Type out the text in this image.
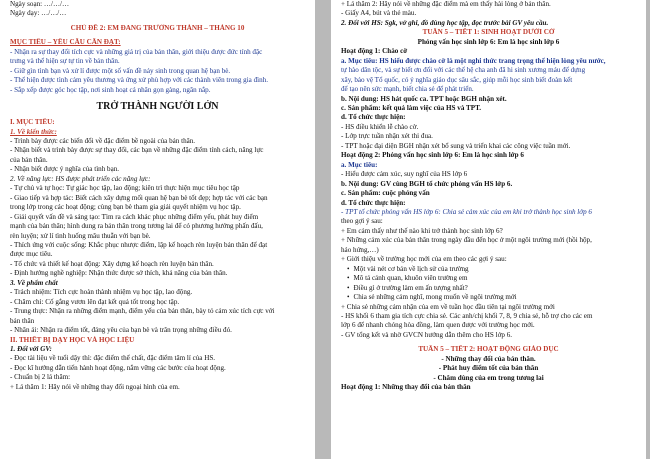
Ngày soạn: …/…/…
Ngày dạy: …/…/…
CHỦ ĐỀ 2: EM ĐANG TRƯỞNG THÀNH – THÁNG 10
MỤC TIÊU – YÊU CẦU CẦN ĐẠT:
- Nhận ra sự thay đổi tích cực và những giá trị của bản thân, giới thiệu được đức tính đặc
trưng và thể hiện sự tự tin về bản thân.
- Giữ gìn tình bạn và xử lí được một số vấn đề nảy sinh trong quan hệ bạn bè.
- Thể hiện được tình cảm yêu thương và ứng xử phù hợp với các thành viên trong gia đình.
- Sắp xếp được góc học tập, nơi sinh hoạt cá nhân gọn gàng, ngăn nắp.
TRỞ THÀNH NGƯỜI LỚN
I. MỤC TIÊU:
1. Về kiến thức:
- Trình bày được các biến đổi về đặc điểm bề ngoài của bản thân.
- Nhận biết và trình bày được sự thay đổi, các bạn về những đặc điểm tính cách, năng lực
của bản thân.
- Nhận biết được ý nghĩa của tình bạn.
2. Về năng lực: HS được phát triển các năng lực:
- Tự chủ và tự học: Tự giác học tập, lao động; kiên trì thực hiện mục tiêu học tập
- Giao tiếp và hợp tác: Biết cách xây dựng mối quan hệ bạn bè tốt đẹp; hợp tác với các bạn
trong lớp trong các hoạt động; cùng bạn bè tham gia giải quyết nhiệm vụ học tập.
- Giải quyết vấn đề và sáng tạo: Tìm ra cách khác phục những điểm yếu, phát huy điểm
mạnh của bản thân; hình dung ra bản thân trong tương lai để có phương hướng phấn đấu,
rèn luyện; xử lí tình huống mâu thuẫn với bạn bè.
- Thích ứng với cuộc sống: Khắc phục nhược điểm, lập kế hoạch rèn luyện bản thân để đạt
được mục tiêu.
- Tổ chức và thiết kế hoạt động: Xây dựng kế hoạch rèn luyện bản thân.
- Định hướng nghề nghiệp: Nhận thức được sở thích, khả năng của bản thân.
3. Về phẩm chất
- Trách nhiệm: Tích cực hoàn thành nhiệm vụ học tập, lao động.
- Chăm chỉ: Cố gắng vươn lên đạt kết quả tốt trong học tập.
- Trung thực: Nhận ra những điểm mạnh, điểm yếu của bản thân, bày tỏ cảm xúc tích cực với
bản thân
- Nhân ái: Nhận ra điểm tốt, đáng yêu của bạn bè và trân trọng những điều đó.
II. THIẾT BỊ DẠY HỌC VÀ HỌC LIỆU
1. Đối với GV:
- Đọc tài liệu về tuổi dậy thì: đặc điểm thể chất, đặc điểm tâm lí của HS.
- Đọc kĩ hướng dẫn tiến hành hoạt động, nắm vững các bước của hoạt động.
- Chuẩn bị 2 lá thăm:
+ Lá thăm 1: Hãy nói về những thay đổi ngoại hình của em.
+ Lá thăm 2: Hãy nói về những đặc điểm mà em thấy hài lòng ở bản thân.
- Giấy A4, bút và thẻ màu.
2. Đối với HS: Sgk, vở ghi, đồ dùng học tập, đọc trước bài GV yêu cầu.
TUẦN 5 – TIẾT 1: SINH HOẠT DƯỚI CỜ
Phỏng vấn học sinh lớp 6: Em là học sinh lớp 6
Hoạt động 1: Chào cờ
a. Mục tiêu: HS hiểu được chào cờ là một nghi thức trang trọng thể hiện lòng yêu nước,
tự hào dân tộc, và sự biết ơn đối với các thế hệ cha anh đã hi sinh xương máu để dựng
xây, bảo vệ Tổ quốc, có ý nghĩa giáo dục sâu sắc, giúp mỗi học sinh biết đoàn kết
để tạo nên sức mạnh, biết chia sẻ để phát triển.
b. Nội dung: HS hát quốc ca. TPT hoặc BGH nhận xét.
c. Sản phẩm: kết quả làm việc của HS và TPT.
d. Tổ chức thực hiện:
- HS điều khiển lễ chào cờ.
- Lớp trực tuần nhận xét thi đua.
- TPT hoặc đại diện BGH nhận xét bổ sung và triển khai các công việc tuần mới.
Hoạt động 2: Phỏng vấn học sinh lớp 6: Em là học sinh lớp 6
a. Mục tiêu:
- Hiểu được cảm xúc, suy nghĩ của HS lớp 6
b. Nội dung: GV cùng BGH tổ chức phỏng vấn HS lớp 6.
c. Sản phẩm: cuộc phỏng vấn
d. Tổ chức thực hiện:
- TPT tổ chức phỏng vấn HS lớp 6: Chia sẻ cảm xúc của em khi trở thành học sinh lớp 6
theo gợi ý sau:
+ Em cảm thấy như thế nào khi trở thành học sinh lớp 6?
+ Những cảm xúc của bản thân trong ngày đầu đến học ở một ngôi trường mới (hồi hộp,
háo hứng,…)
+ Giới thiệu về trường học mới của em theo các gợi ý sau:
• Một vài nét cơ bản về lịch sử của trường
• Mô tả cảnh quan, khuôn viên trường em
• Điều gì ở trường làm em ấn tượng nhất?
• Chia sẻ những cảm nghĩ, mong muốn về ngôi trường mới
+ Chia sẻ những cảm nhận của em về tuần học đầu tiên tại ngôi trường mới
- HS khối 6 tham gia tích cực chia sẻ. Các anh/chị khối 7, 8, 9 chia sẻ, hỗ trợ cho các em
lớp 6 để nhanh chóng hòa đồng, làm quen được với trường học mới.
- GV tổng kết và nhờ GVCN hướng dẫn thêm cho HS lớp 6.
TUẦN 5 – TIẾT 2: HOẠT ĐỘNG GIÁO DỤC
- Những thay đổi của bản thân.
- Phát huy điểm tốt của bản thân
- Chăm dùng của em trong tương lai
Hoạt động 1: Những thay đổi của bản thân
